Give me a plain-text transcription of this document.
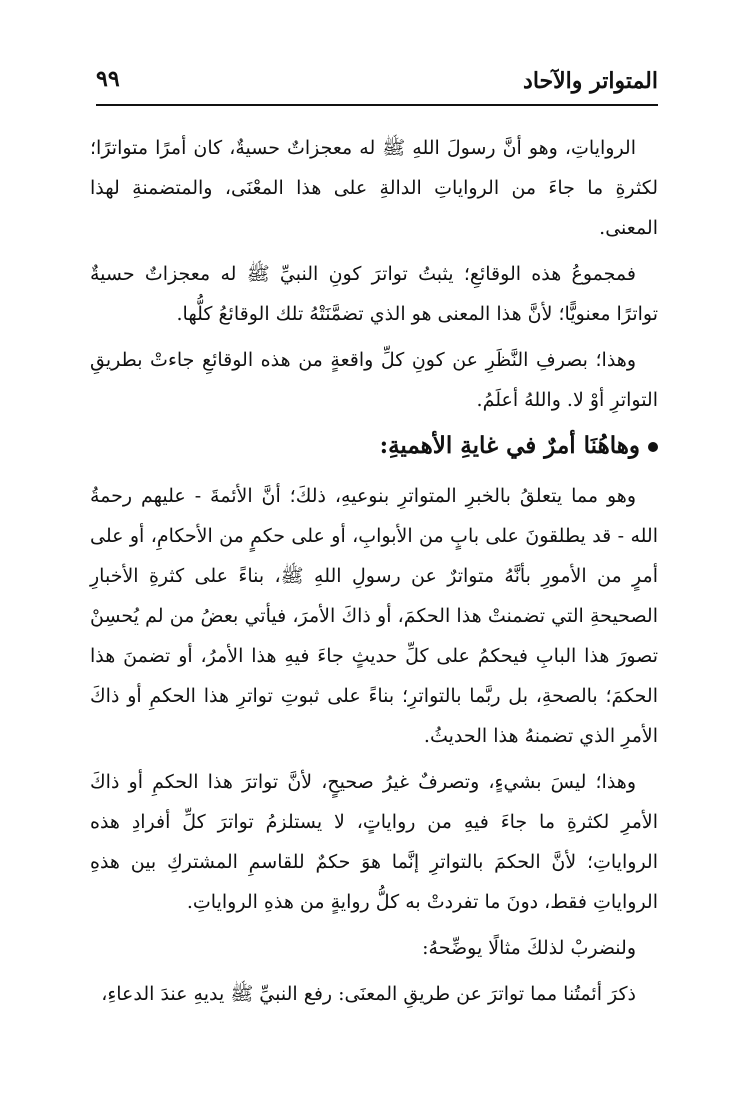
المتواتر والآحاد
٩٩

الرواياتِ، وهو أنَّ رسولَ اللهِ ﷺ له معجزاتٌ حسيةٌ، كان أمرًا متواترًا؛ لكثرةِ ما جاءَ من الرواياتِ الدالةِ على هذا المعْنَى، والمتضمنةِ لهذا المعنى.

فمجموعُ هذه الوقائعِ؛ يثبتُ تواترَ كونِ النبيِّ ﷺ له معجزاتٌ حسيةٌ تواترًا معنويًّا؛ لأنَّ هذا المعنى هو الذي تضمَّنَتْهُ تلك الوقائعُ كلُّها.

وهذا؛ بصرفِ النَّظَرِ عن كونِ كلِّ واقعةٍ من هذه الوقائعِ جاءتْ بطريقِ التواترِ أوْ لا. واللهُ أعلَمُ.

وهاهُنَا أمرٌ في غايةِ الأهميةِ:

وهو مما يتعلقُ بالخبرِ المتواترِ بنوعيهِ، ذلكَ؛ أنَّ الأئمةَ - عليهم رحمةُ الله - قد يطلقونَ على بابٍ من الأبوابِ، أو على حكمٍ من الأحكامِ، أو على أمرٍ من الأمورِ بأنَّهُ متواترٌ عن رسولِ اللهِ ﷺ، بناءً على كثرةِ الأخبارِ الصحيحةِ التي تضمنتْ هذا الحكمَ، أو ذاكَ الأمرَ، فيأتي بعضُ من لم يُحسِنْ تصورَ هذا البابِ فيحكمُ على كلِّ حديثٍ جاءَ فيهِ هذا الأمرُ، أو تضمنَ هذا الحكمَ؛ بالصحةِ، بل ربَّما بالتواترِ؛ بناءً على ثبوتِ تواترِ هذا الحكمِ أو ذاكَ الأمرِ الذي تضمنهُ هذا الحديثُ.

وهذا؛ ليسَ بشيءٍ، وتصرفٌ غيرُ صحيحٍ، لأنَّ تواترَ هذا الحكمِ أو ذاكَ الأمرِ لكثرةِ ما جاءَ فيهِ من رواياتٍ، لا يستلزمُ تواترَ كلِّ أفرادِ هذه الرواياتِ؛ لأنَّ الحكمَ بالتواترِ إنَّما هوَ حكمٌ للقاسمِ المشتركِ بين هذهِ الرواياتِ فقط، دونَ ما تفردتْ به كلُّ روايةٍ من هذهِ الرواياتِ.

ولنضربْ لذلكَ مثالًا يوضِّحهُ:

ذكرَ أئمتُنا مما تواترَ عن طريقِ المعنَى: رفع النبيِّ ﷺ يديهِ عندَ الدعاءِ،
